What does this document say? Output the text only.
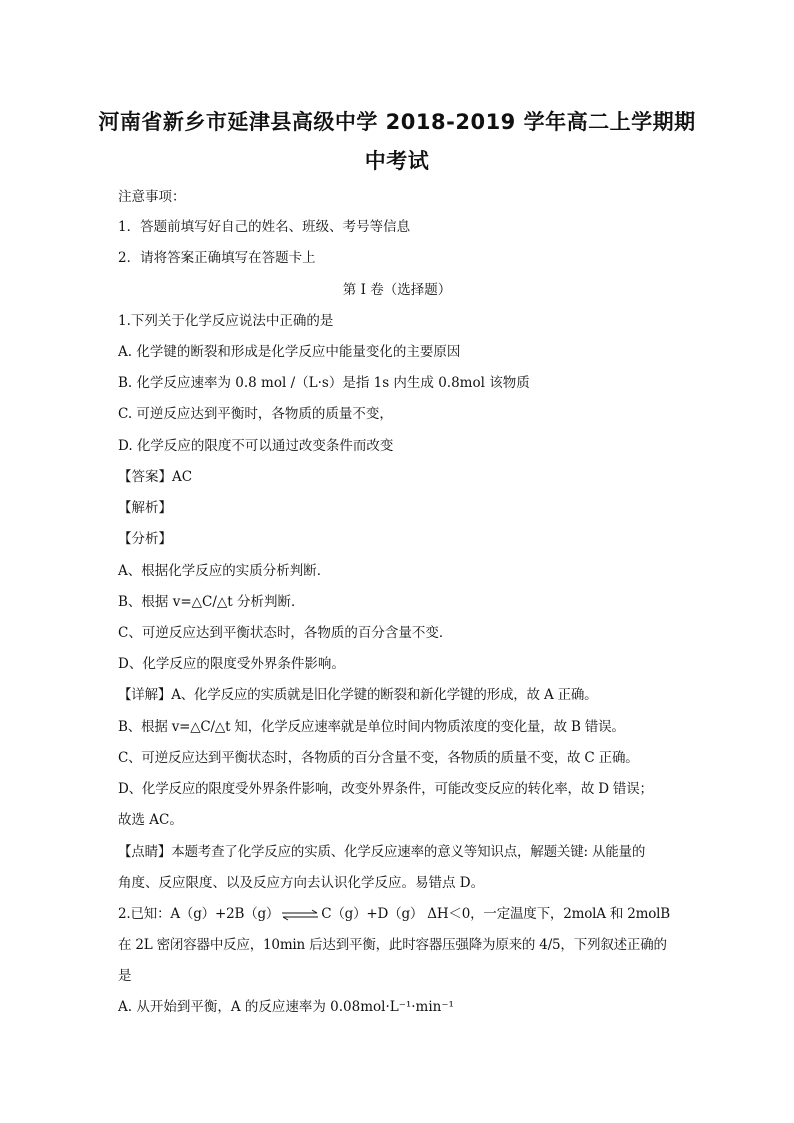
河南省新乡市延津县高级中学 2018-2019 学年高二上学期期
中考试
注意事项：
1．答题前填写好自己的姓名、班级、考号等信息
2．请将答案正确填写在答题卡上
第 I 卷（选择题）
1.下列关于化学反应说法中正确的是
A. 化学键的断裂和形成是化学反应中能量变化的主要原因
B. 化学反应速率为 0.8 mol /（L·s）是指 1s 内生成 0.8mol 该物质
C. 可逆反应达到平衡时，各物质的质量不变，
D. 化学反应的限度不可以通过改变条件而改变
【答案】AC
【解析】
【分析】
A、根据化学反应的实质分析判断．
B、根据 v=△C/△t 分析判断．
C、可逆反应达到平衡状态时，各物质的百分含量不变．
D、化学反应的限度受外界条件影响。
【详解】A、化学反应的实质就是旧化学键的断裂和新化学键的形成，故 A 正确。
B、根据 v=△C/△t 知，化学反应速率就是单位时间内物质浓度的变化量，故 B 错误。
C、可逆反应达到平衡状态时，各物质的百分含量不变，各物质的质量不变，故 C 正确。
D、化学反应的限度受外界条件影响，改变外界条件，可能改变反应的转化率，故 D 错误；
故选 AC。
【点睛】本题考查了化学反应的实质、化学反应速率的意义等知识点，解题关键: 从能量的
角度、反应限度、以及反应方向去认识化学反应。易错点 D。
2.已知：A（g）+2B（g） ⇌ C（g）+D（g） ΔH＜0，一定温度下，2molA 和 2molB
在 2L 密闭容器中反应，10min 后达到平衡，此时容器压强降为原来的 4/5，下列叙述正确的
是
A. 从开始到平衡，A 的反应速率为 0.08mol·L⁻¹·min⁻¹
